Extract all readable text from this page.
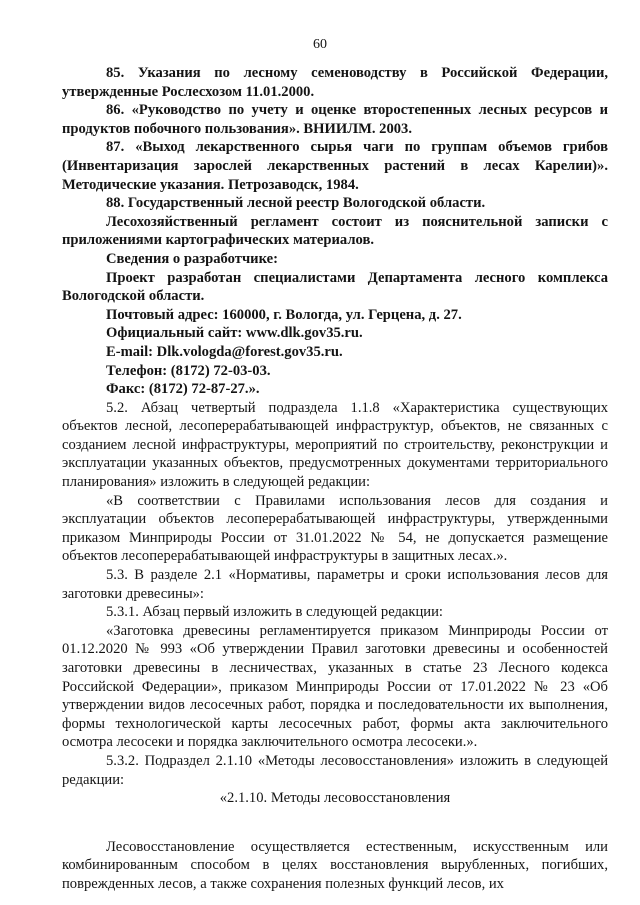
60

85. Указания по лесному семеноводству в Российской Федерации, утвержденные Рослесхозом 11.01.2000.

86. «Руководство по учету и оценке второстепенных лесных ресурсов и продуктов побочного пользования». ВНИИЛМ. 2003.

87. «Выход лекарственного сырья чаги по группам объемов грибов (Инвентаризация зарослей лекарственных растений в лесах Карелии)». Методические указания. Петрозаводск, 1984.

88. Государственный лесной реестр Вологодской области.

Лесохозяйственный регламент состоит из пояснительной записки с приложениями картографических материалов.

Сведения о разработчике:

Проект разработан специалистами Департамента лесного комплекса Вологодской области.

Почтовый адрес: 160000, г. Вологда, ул. Герцена, д. 27.

Официальный сайт: www.dlk.gov35.ru.

E-mail: Dlk.vologda@forest.gov35.ru.

Телефон: (8172) 72-03-03.

Факс: (8172) 72-87-27.».

5.2. Абзац четвертый подраздела 1.1.8 «Характеристика существующих объектов лесной, лесоперерабатывающей инфраструктур, объектов, не связанных с созданием лесной инфраструктуры, мероприятий по строительству, реконструкции и эксплуатации указанных объектов, предусмотренных документами территориального планирования» изложить в следующей редакции:

«В соответствии с Правилами использования лесов для создания и эксплуатации объектов лесоперерабатывающей инфраструктуры, утвержденными приказом Минприроды России от 31.01.2022 № 54, не допускается размещение объектов лесоперерабатывающей инфраструктуры в защитных лесах.».

5.3. В разделе 2.1 «Нормативы, параметры и сроки использования лесов для заготовки древесины»:

5.3.1. Абзац первый изложить в следующей редакции:

«Заготовка древесины регламентируется приказом Минприроды России от 01.12.2020 № 993 «Об утверждении Правил заготовки древесины и особенностей заготовки древесины в лесничествах, указанных в статье 23 Лесного кодекса Российской Федерации», приказом Минприроды России от 17.01.2022 № 23 «Об утверждении видов лесосечных работ, порядка и последовательности их выполнения, формы технологической карты лесосечных работ, формы акта заключительного осмотра лесосеки и порядка заключительного осмотра лесосеки.».

5.3.2. Подраздел 2.1.10 «Методы лесовосстановления» изложить в следующей редакции:

«2.1.10. Методы лесовосстановления

Лесовосстановление осуществляется естественным, искусственным или комбинированным способом в целях восстановления вырубленных, погибших, поврежденных лесов, а также сохранения полезных функций лесов, их
